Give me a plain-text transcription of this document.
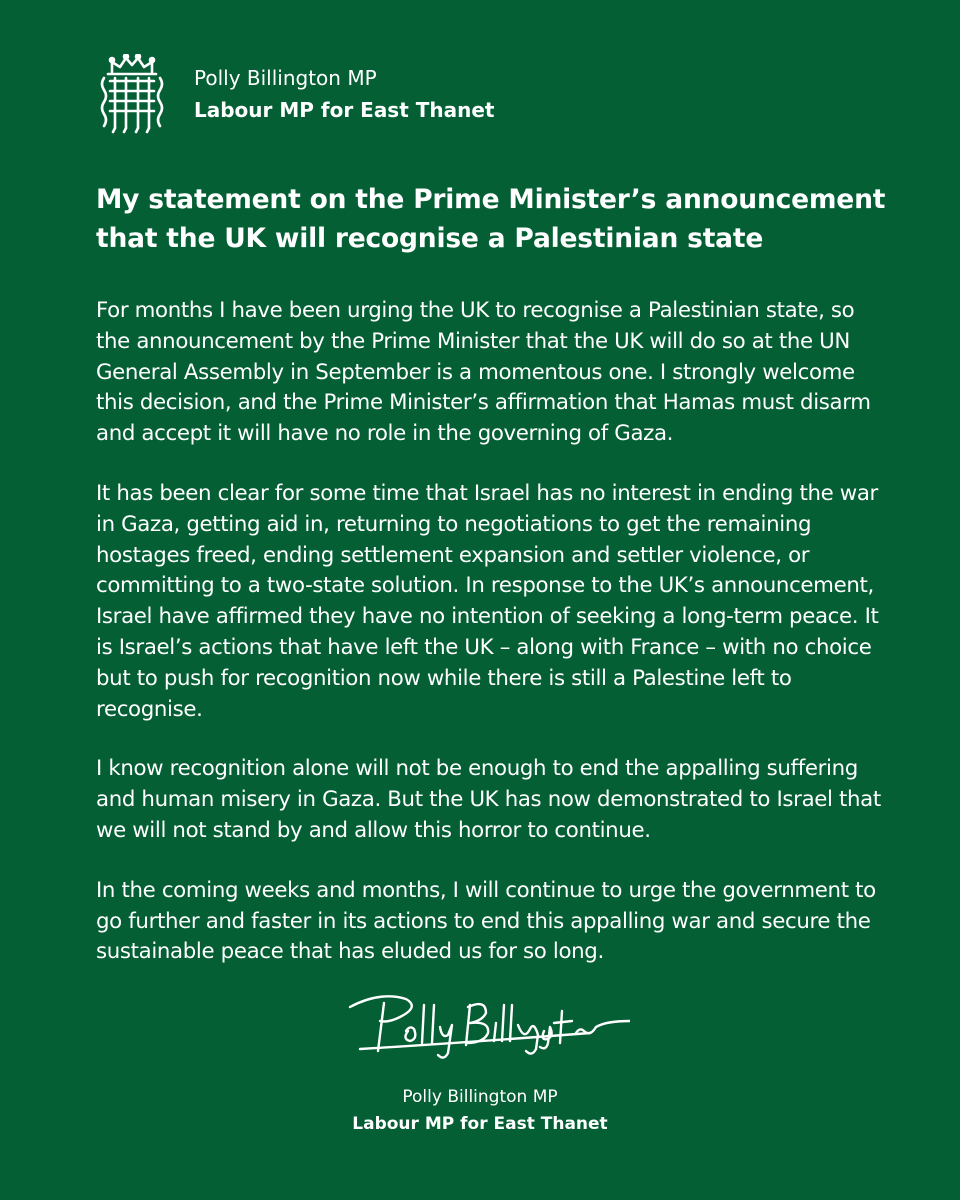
Polly Billington MP
Labour MP for East Thanet
My statement on the Prime Minister’s announcement that the UK will recognise a Palestinian state

For months I have been urging the UK to recognise a Palestinian state, so the announcement by the Prime Minister that the UK will do so at the UN General Assembly in September is a momentous one. I strongly welcome this decision, and the Prime Minister’s affirmation that Hamas must disarm and accept it will have no role in the governing of Gaza.

It has been clear for some time that Israel has no interest in ending the war in Gaza, getting aid in, returning to negotiations to get the remaining hostages freed, ending settlement expansion and settler violence, or committing to a two-state solution. In response to the UK’s announcement, Israel have affirmed they have no intention of seeking a long-term peace. It is Israel’s actions that have left the UK – along with France – with no choice but to push for recognition now while there is still a Palestine left to recognise.

I know recognition alone will not be enough to end the appalling suffering and human misery in Gaza. But the UK has now demonstrated to Israel that we will not stand by and allow this horror to continue.

In the coming weeks and months, I will continue to urge the government to go further and faster in its actions to end this appalling war and secure the sustainable peace that has eluded us for so long.

Polly Billington MP
Labour MP for East Thanet
